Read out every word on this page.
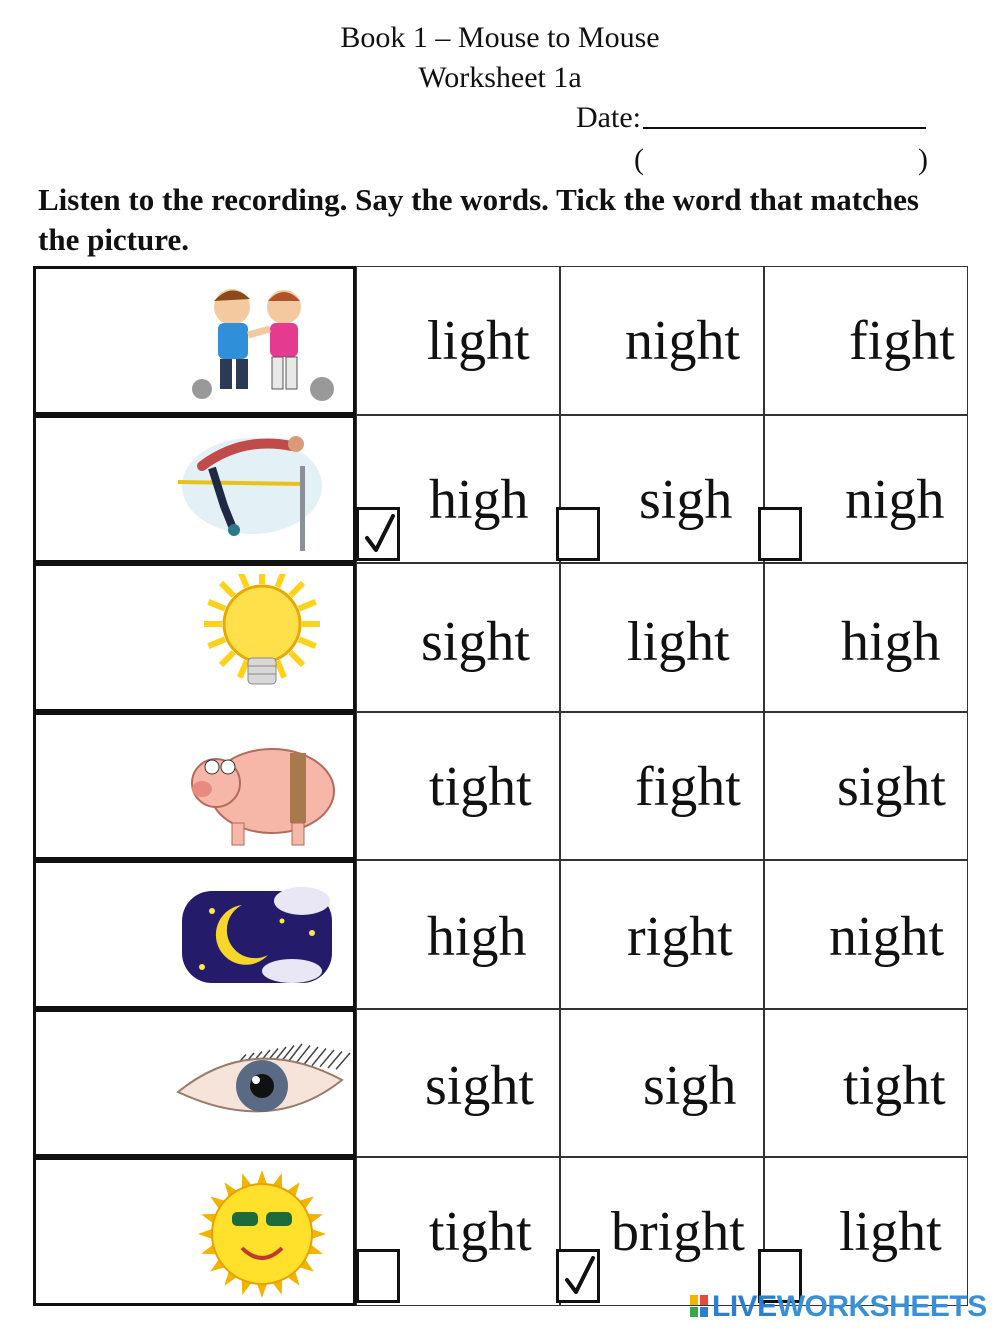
Book 1 – Mouse to Mouse
Worksheet 1a
Date:
(	)
Listen to the recording. Say the words. Tick the word that matches the picture.
light night fight
high sigh nigh
sight light high
tight fight sight
high right night
sight sigh tight
tight bright light
LIVEWORKSHEETS
